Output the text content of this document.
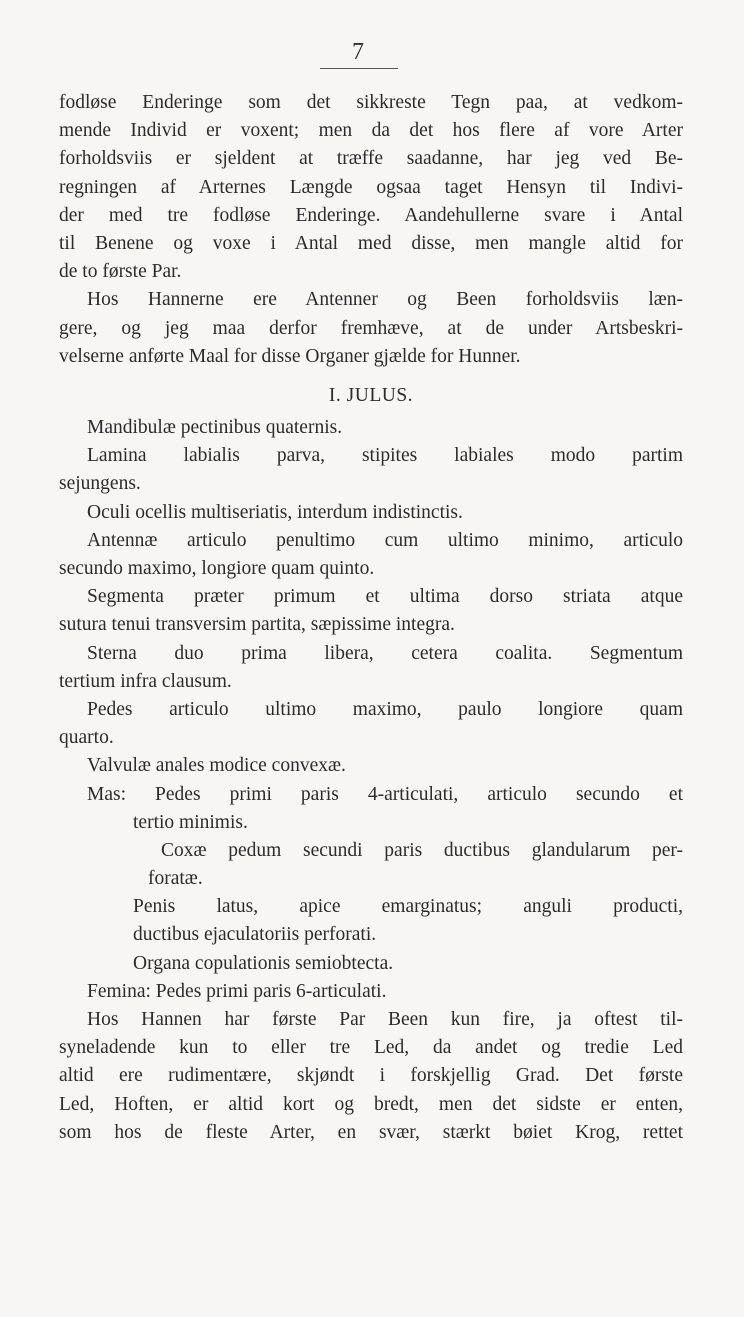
7
fodløse Enderinge som det sikkreste Tegn paa, at vedkom-
mende Individ er voxent; men da det hos flere af vore Arter
forholdsviis er sjeldent at træffe saadanne, har jeg ved Be-
regningen af Arternes Længde ogsaa taget Hensyn til Indivi-
der med tre fodløse Enderinge. Aandehullerne svare i Antal
til Benene og voxe i Antal med disse, men mangle altid for
de to første Par.
Hos Hannerne ere Antenner og Been forholdsviis læn-
gere, og jeg maa derfor fremhæve, at de under Artsbeskri-
velserne anførte Maal for disse Organer gjælde for Hunner.
I. JULUS.
Mandibulæ pectinibus quaternis.
Lamina labialis parva, stipites labiales modo partim
sejungens.
Oculi ocellis multiseriatis, interdum indistinctis.
Antennæ articulo penultimo cum ultimo minimo, articulo
secundo maximo, longiore quam quinto.
Segmenta præter primum et ultima dorso striata atque
sutura tenui transversim partita, sæpissime integra.
Sterna duo prima libera, cetera coalita. Segmentum
tertium infra clausum.
Pedes articulo ultimo maximo, paulo longiore quam
quarto.
Valvulæ anales modice convexæ.
Mas: Pedes primi paris 4-articulati, articulo secundo et
tertio minimis.
Coxæ pedum secundi paris ductibus glandularum per-
foratæ.
Penis latus, apice emarginatus; anguli producti,
ductibus ejaculatoriis perforati.
Organa copulationis semiobtecta.
Femina: Pedes primi paris 6-articulati.
Hos Hannen har første Par Been kun fire, ja oftest til-
syneladende kun to eller tre Led, da andet og tredie Led
altid ere rudimentære, skjøndt i forskjellig Grad. Det første
Led, Hoften, er altid kort og bredt, men det sidste er enten,
som hos de fleste Arter, en svær, stærkt bøiet Krog, rettet
